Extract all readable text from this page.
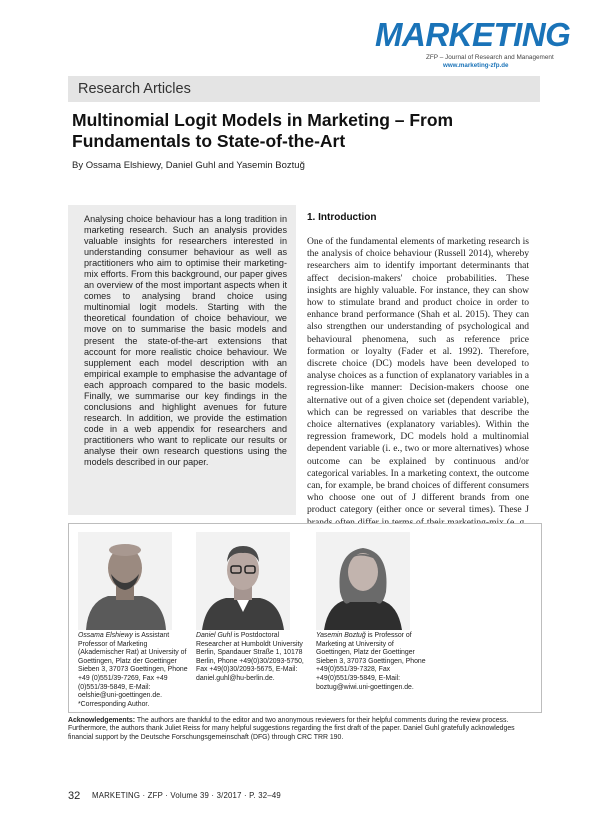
MARKETING
ZFP – Journal of Research and Management
www.marketing-zfp.de
Research Articles
Multinomial Logit Models in Marketing – From Fundamentals to State-of-the-Art
By Ossama Elshiewy, Daniel Guhl and Yasemin Boztuğ
Analysing choice behaviour has a long tradition in marketing research. Such an analysis provides valuable insights for researchers interested in understanding consumer behaviour as well as practitioners who aim to optimise their marketing-mix efforts. From this background, our paper gives an overview of the most important aspects when it comes to analysing brand choice using multinomial logit models. Starting with the theoretical foundation of choice behaviour, we move on to summarise the basic models and present the state-of-the-art extensions that account for more realistic choice behaviour. We supplement each model description with an empirical example to emphasise the advantage of each approach compared to the basic models. Finally, we summarise our key findings in the conclusions and highlight avenues for future research. In addition, we provide the estimation code in a web appendix for researchers and practitioners who want to replicate our results or analyse their own research questions using the models described in our paper.
1. Introduction
One of the fundamental elements of marketing research is the analysis of choice behaviour (Russell 2014), whereby researchers aim to identify important determinants that affect decision-makers' choice probabilities. These insights are highly valuable. For instance, they can show how to stimulate brand and product choice in order to enhance brand performance (Shah et al. 2015). They can also strengthen our understanding of psychological and behavioural phenomena, such as reference price formation or loyalty (Fader et al. 1992). Therefore, discrete choice (DC) models have been developed to analyse choices as a function of explanatory variables in a regression-like manner: Decision-makers choose one alternative out of a given choice set (dependent variable), which can be regressed on variables that describe the choice alternatives (explanatory variables). Within the regression framework, DC models hold a multinomial dependent variable (i. e., two or more alternatives) whose outcome can be explained by continuous and/or categorical variables. In a marketing context, the outcome can, for example, be brand choices of different consumers who choose one out of J different brands from one product category (either once or several times). These J
Ossama Elshiewy is Assistant Professor of Marketing (Akademischer Rat) at University of Goettingen, Platz der Goettinger Sieben 3, 37073 Goettingen, Phone +49 (0)551/39-7269, Fax +49 (0)551/39-5849, E-Mail: oelshie@uni-goettingen.de. *Corresponding Author.
Daniel Guhl is Postdoctoral Researcher at Humboldt University Berlin, Spandauer Straße 1, 10178 Berlin, Phone +49(0)30/2093-5750, Fax +49(0)30/2093-5675, E-Mail: daniel.guhl@hu-berlin.de.
Yasemin Boztuğ is Professor of Marketing at University of Goettingen, Platz der Goettinger Sieben 3, 37073 Goettingen, Phone +49(0)551/39-7328, Fax +49(0)551/39-5849, E-Mail: boztug@wiwi.uni-goettingen.de.
Acknowledgements: The authors are thankful to the editor and two anonymous reviewers for their helpful comments during the review process. Furthermore, the authors thank Juliet Reiss for many helpful suggestions regarding the first draft of the paper. Daniel Guhl gratefully acknowledges financial support by the Deutsche Forschungsgemeinschaft (DFG) through CRC TRR 190.
32 MARKETING · ZFP · Volume 39 · 3/2017 · P. 32–49
